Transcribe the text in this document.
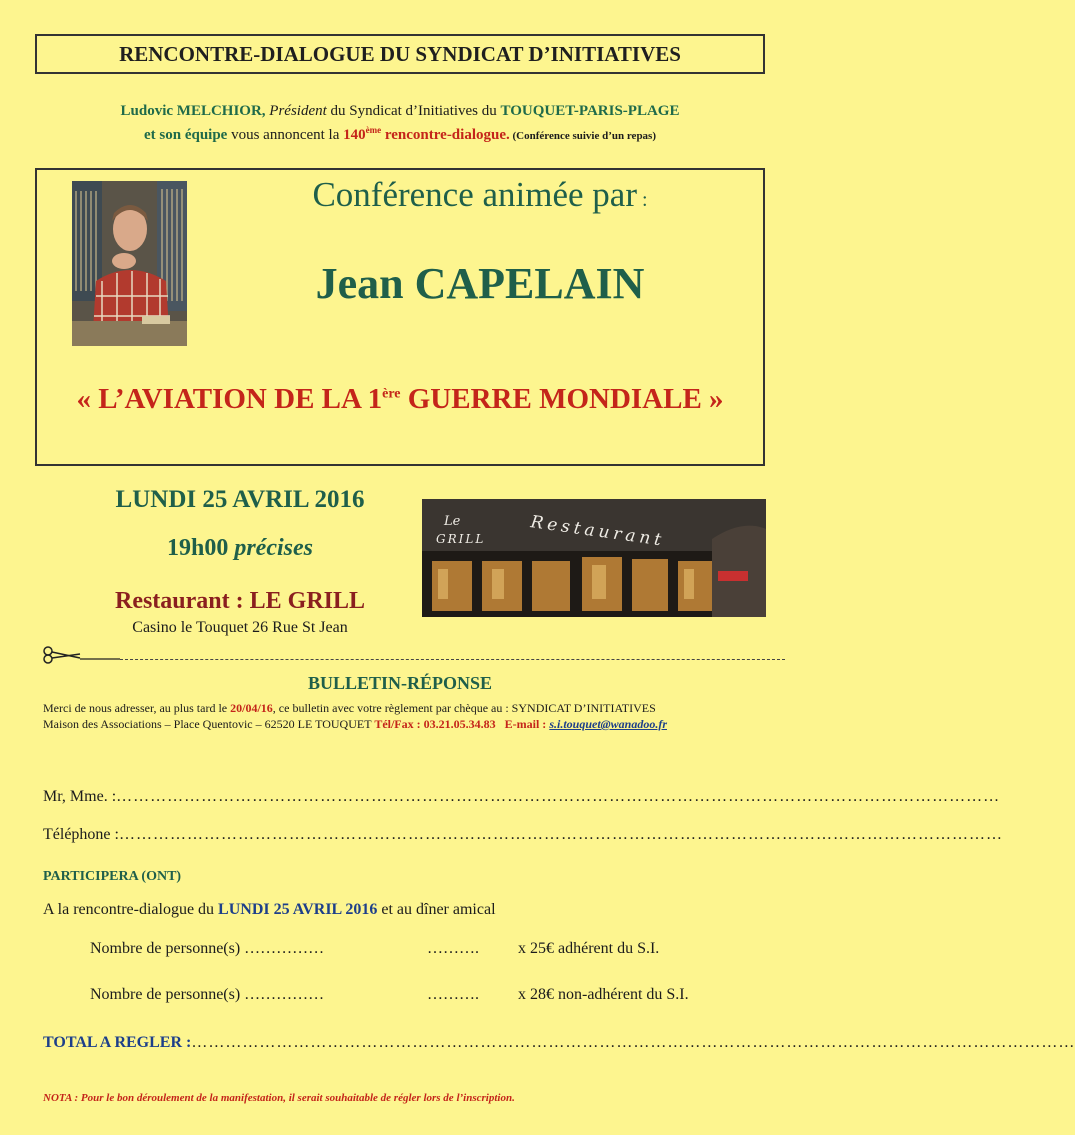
RENCONTRE-DIALOGUE DU SYNDICAT D’INITIATIVES
Ludovic MELCHIOR, Président du Syndicat d’Initiatives du TOUQUET-PARIS-PLAGE
et son équipe vous annoncent la 140ème rencontre-dialogue. (Conférence suivie d’un repas)
Conférence animée par :
Jean CAPELAIN
« L’AVIATION DE LA 1ère GUERRE MONDIALE »
LUNDI 25 AVRIL 2016
19h00 précises
Restaurant : LE GRILL
Casino le Touquet 26 Rue St Jean
Le
GRILL	Restaurant
BULLETIN-RÉPONSE
Merci de nous adresser, au plus tard le 20/04/16, ce bulletin avec votre règlement par chèque au : SYNDICAT D’INITIATIVES
Maison des Associations – Place Quentovic – 62520 LE TOUQUET Tél/Fax : 03.21.05.34.83   E-mail : s.i.touquet@wanadoo.fr
Mr, Mme. : …………………………………………………………………………………………………………………………………………
Téléphone : …………………………………………………………………………………………………………………………………………
PARTICIPERA (ONT)
A la rencontre-dialogue du LUNDI 25 AVRIL 2016 et au dîner amical
Nombre de personne(s) ……………	………. x 25€ adhérent du S.I.
Nombre de personne(s) ……………	………. x 28€ non-adhérent du S.I.
TOTAL A REGLER : …………………………………………………………………………………………………………………………………………
NOTA : Pour le bon déroulement de la manifestation, il serait souhaitable de régler lors de l’inscription.
